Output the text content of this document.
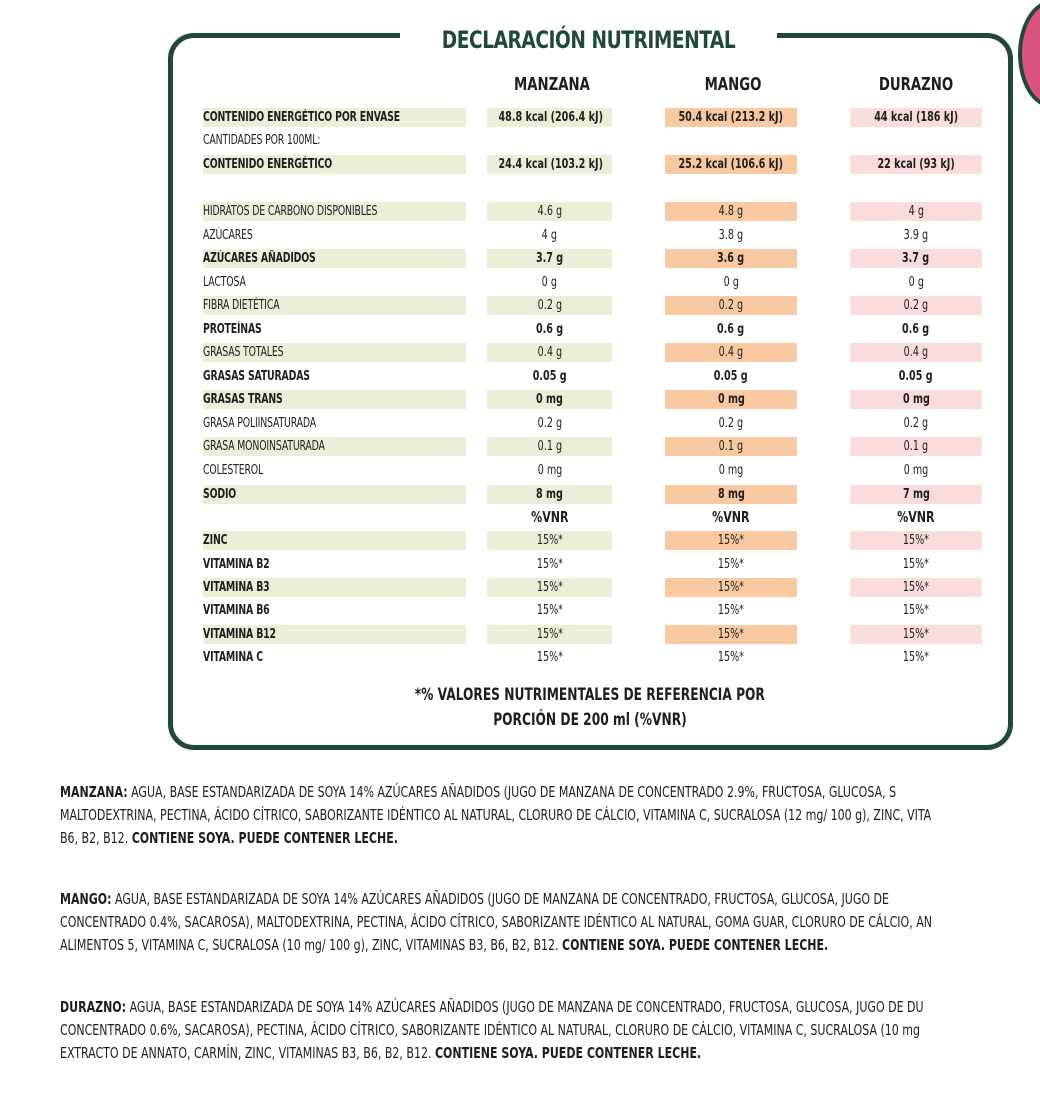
DECLARACIÓN NUTRIMENTAL
MANZANA	MANGO	DURAZNO
CONTENIDO ENERGÉTICO POR ENVASE	48.8 kcal (206.4 kJ)	50.4 kcal (213.2 kJ)	44 kcal (186 kJ)
CANTIDADES POR 100ML:
CONTENIDO ENERGÉTICO	24.4 kcal (103.2 kJ)	25.2 kcal (106.6 kJ)	22 kcal (93 kJ)
HIDRATOS DE CARBONO DISPONIBLES	4.6 g	4.8 g	4 g
AZÚCARES	4 g	3.8 g	3.9 g
AZÚCARES AÑADIDOS	3.7 g	3.6 g	3.7 g
LACTOSA	0 g	0 g	0 g
FIBRA DIETÉTICA	0.2 g	0.2 g	0.2 g
PROTEÍNAS	0.6 g	0.6 g	0.6 g
GRASAS TOTALES	0.4 g	0.4 g	0.4 g
GRASAS SATURADAS	0.05 g	0.05 g	0.05 g
GRASAS TRANS	0 mg	0 mg	0 mg
GRASA POLIINSATURADA	0.2 g	0.2 g	0.2 g
GRASA MONOINSATURADA	0.1 g	0.1 g	0.1 g
COLESTEROL	0 mg	0 mg	0 mg
SODIO	8 mg	8 mg	7 mg
%VNR	%VNR	%VNR
ZINC	15%*	15%*	15%*
VITAMINA B2	15%*	15%*	15%*
VITAMINA B3	15%*	15%*	15%*
VITAMINA B6	15%*	15%*	15%*
VITAMINA B12	15%*	15%*	15%*
VITAMINA C	15%*	15%*	15%*
*% VALORES NUTRIMENTALES DE REFERENCIA POR
PORCIÓN DE 200 ml (%VNR)
MANZANA: AGUA, BASE ESTANDARIZADA DE SOYA 14% AZÚCARES AÑADIDOS (JUGO DE MANZANA DE CONCENTRADO 2.9%, FRUCTOSA, GLUCOSA, S
MALTODEXTRINA, PECTINA, ÁCIDO CÍTRICO, SABORIZANTE IDÉNTICO AL NATURAL, CLORURO DE CÁLCIO, VITAMINA C, SUCRALOSA (12 mg/ 100 g), ZINC, VITA
B6, B2, B12. CONTIENE SOYA. PUEDE CONTENER LECHE.
MANGO: AGUA, BASE ESTANDARIZADA DE SOYA 14% AZÚCARES AÑADIDOS (JUGO DE MANZANA DE CONCENTRADO, FRUCTOSA, GLUCOSA, JUGO DE
CONCENTRADO 0.4%, SACAROSA), MALTODEXTRINA, PECTINA, ÁCIDO CÍTRICO, SABORIZANTE IDÉNTICO AL NATURAL, GOMA GUAR, CLORURO DE CÁLCIO, AN
ALIMENTOS 5, VITAMINA C, SUCRALOSA (10 mg/ 100 g), ZINC, VITAMINAS B3, B6, B2, B12. CONTIENE SOYA. PUEDE CONTENER LECHE.
DURAZNO: AGUA, BASE ESTANDARIZADA DE SOYA 14% AZÚCARES AÑADIDOS (JUGO DE MANZANA DE CONCENTRADO, FRUCTOSA, GLUCOSA, JUGO DE DU
CONCENTRADO 0.6%, SACAROSA), PECTINA, ÁCIDO CÍTRICO, SABORIZANTE IDÉNTICO AL NATURAL, CLORURO DE CÁLCIO, VITAMINA C, SUCRALOSA (10 mg
EXTRACTO DE ANNATO, CARMÍN, ZINC, VITAMINAS B3, B6, B2, B12. CONTIENE SOYA. PUEDE CONTENER LECHE.
